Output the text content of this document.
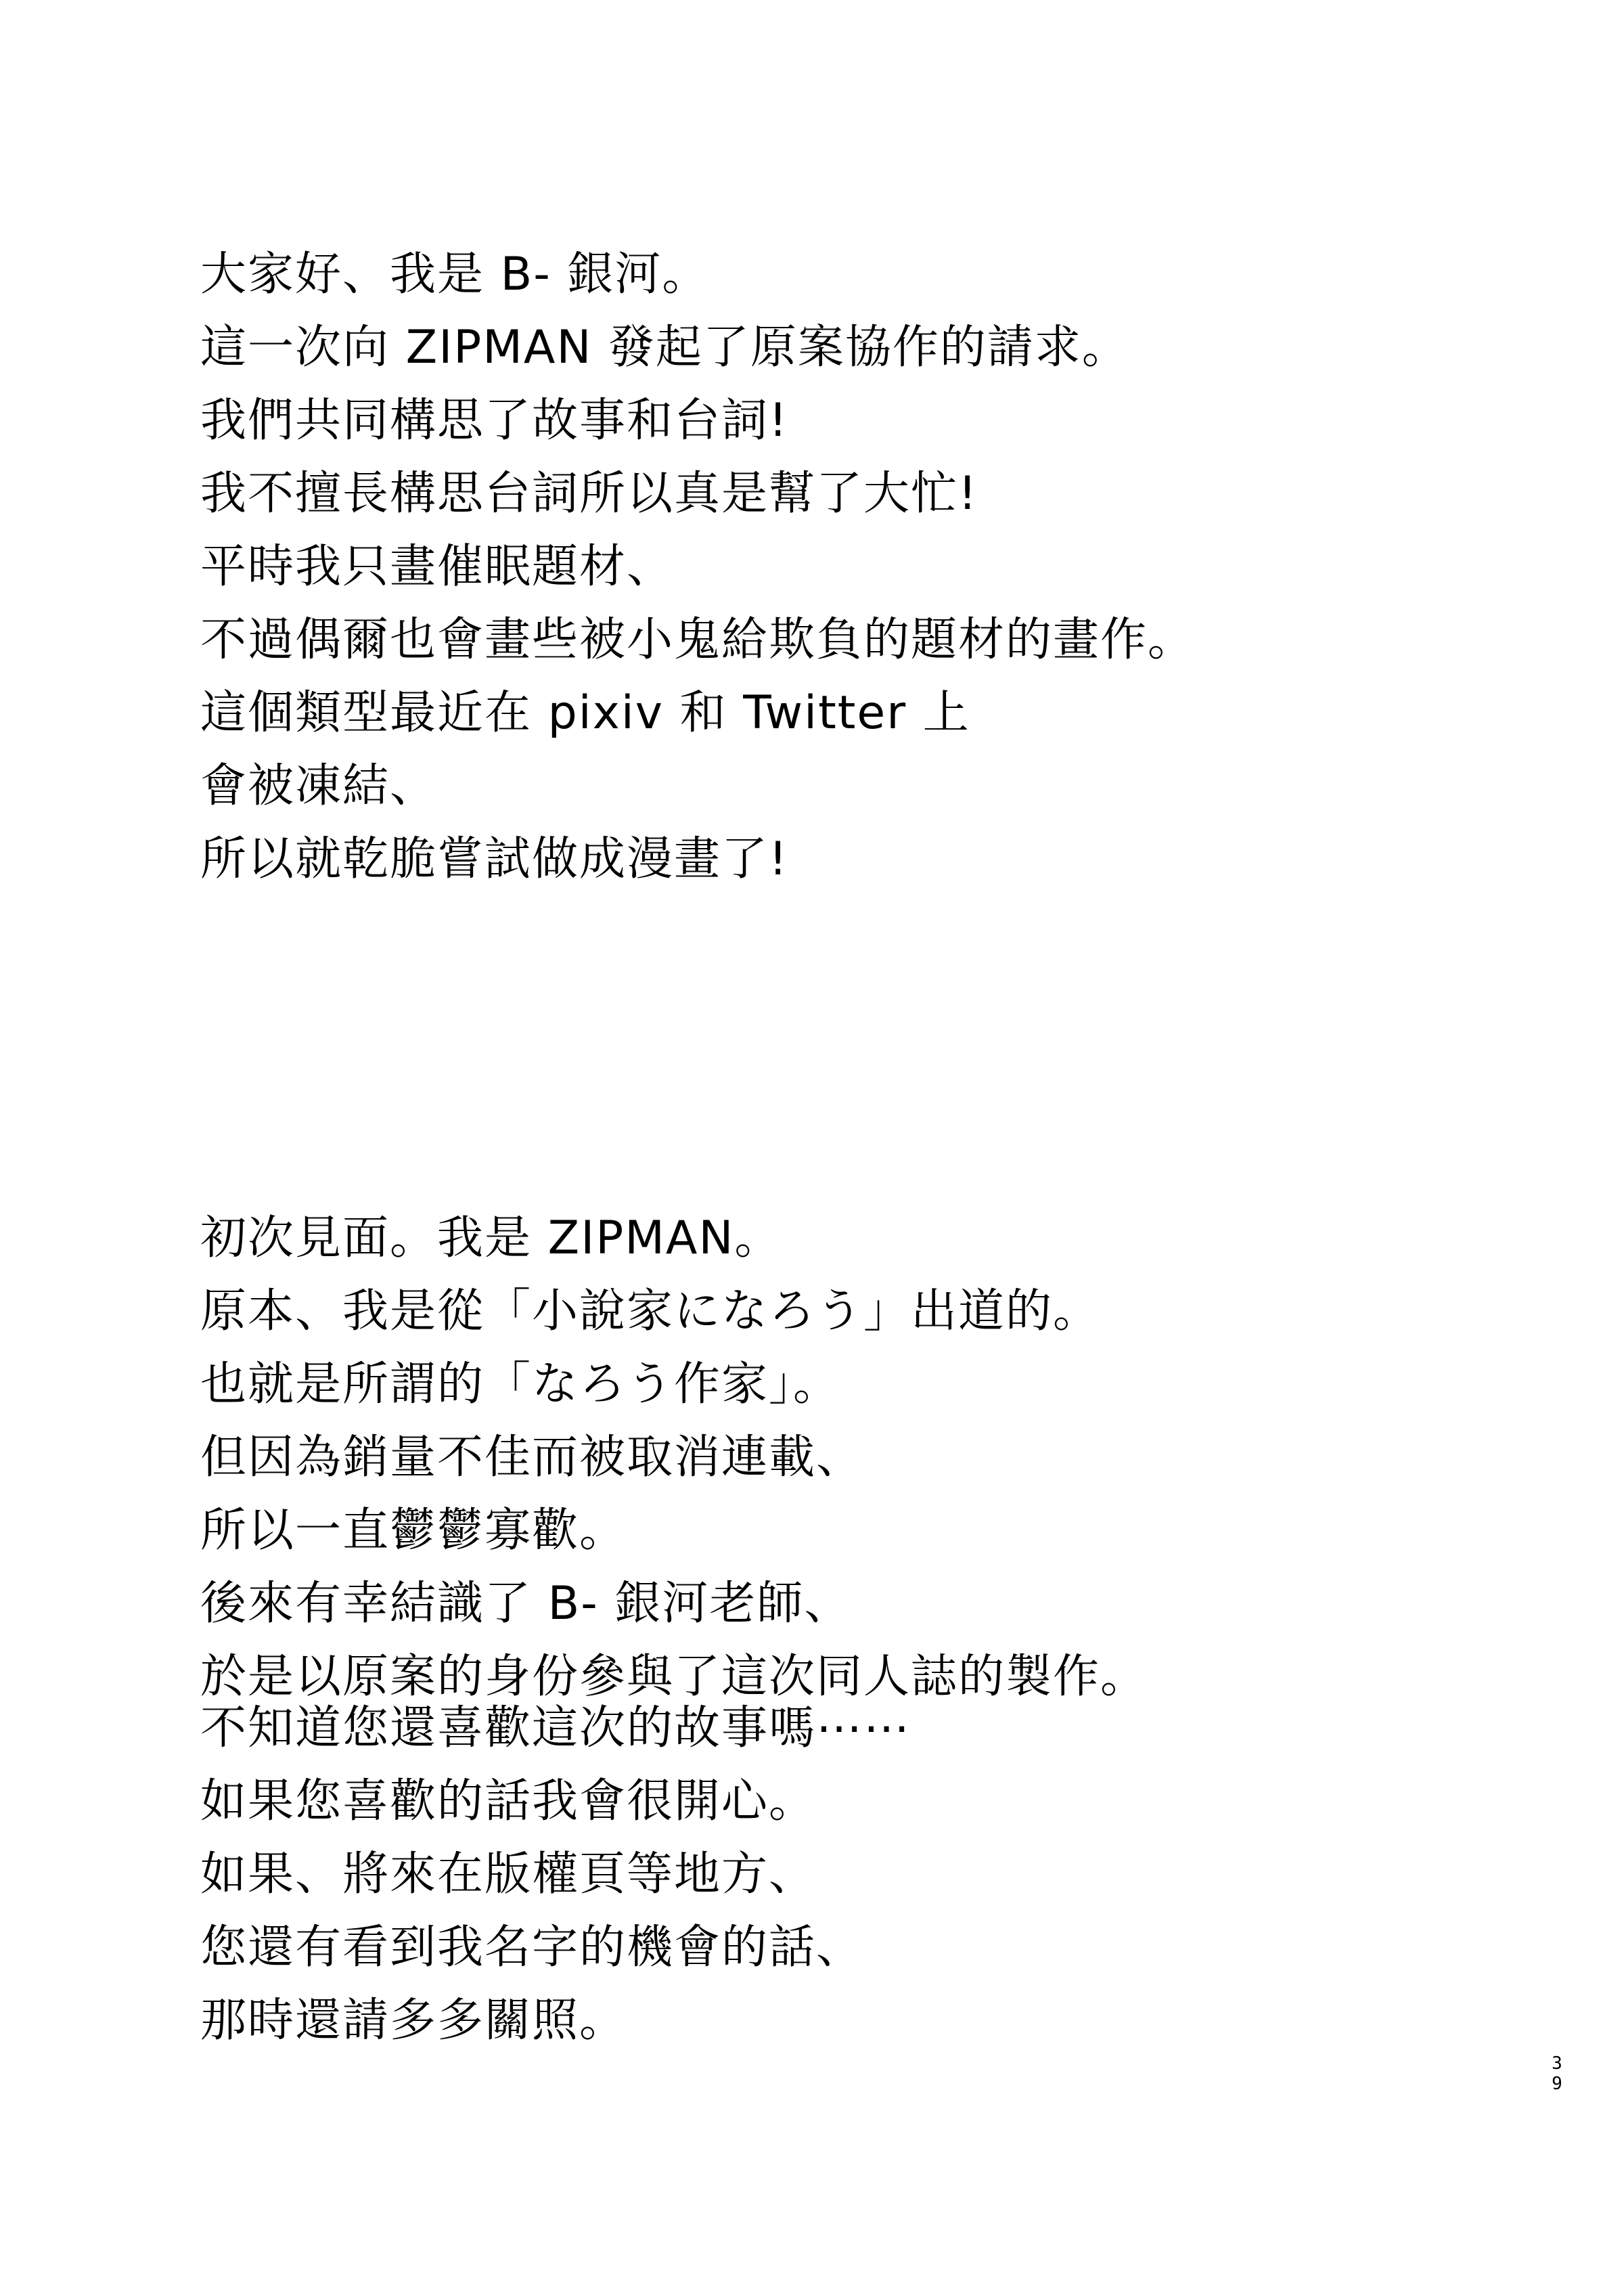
大家好、我是 B- 銀河。
這一次向 ZIPMAN 發起了原案協作的請求。
我們共同構思了故事和台詞!
我不擅長構思台詞所以真是幫了大忙!
平時我只畫催眠題材、
不過偶爾也會畫些被小鬼給欺負的題材的畫作。
這個類型最近在 pixiv 和 Twitter 上
會被凍結、
所以就乾脆嘗試做成漫畫了!
初次見面。我是 ZIPMAN。
原本、我是從「小說家になろう」出道的。
也就是所謂的「なろう作家」。
但因為銷量不佳而被取消連載、
所以一直鬱鬱寡歡。
後來有幸結識了 B- 銀河老師、
於是以原案的身份參與了這次同人誌的製作。
不知道您還喜歡這次的故事嗎⋯⋯
如果您喜歡的話我會很開心。
如果、將來在版權頁等地方、
您還有看到我名字的機會的話、
那時還請多多關照。
3
9
